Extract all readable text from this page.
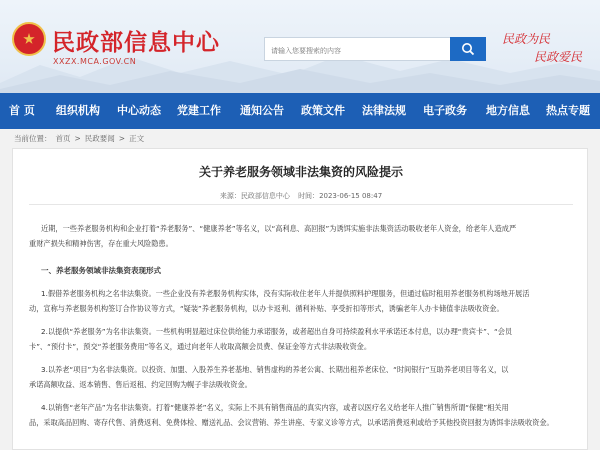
民政部信息中心
XXZX.MCA.GOV.CN
请输入您要搜索的内容
民政为民
民政爱民
首 页 组织机构 中心动态 党建工作 通知公告 政策文件 法律法规 电子政务 地方信息 热点专题
当前位置： 首页 > 民政要闻 > 正文
关于养老服务领域非法集资的风险提示
来源：民政部信息中心 时间：2023-06-15 08:47
近期，一些养老服务机构和企业打着“养老服务”、“健康养老”等名义，以“高利息、高回报”为诱饵实施非法集资活动吸收老年人资金，给老年人造成严
重财产损失和精神伤害，存在重大风险隐患。
一、养老服务领域非法集资表现形式
1.假借养老服务机构之名非法集资。一些企业没有养老服务机构实体，没有实际收住老年人并提供照料护理服务，但通过临时租用养老服务机构场地开展活
动，宣称与养老服务机构签订合作协议等方式，“疑装”养老服务机构，以办卡返利、循利补贴、享受折扣等形式，诱骗老年人办卡储值非法吸收资金。
2.以提供“养老服务”为名非法集资。一些机构明显超过床位供给能力承诺服务，或者超出自身可持续盈利水平承诺还本付息，以办理“贵宾卡”、“会员
卡”、“预付卡”，预交“养老服务费用”等名义，通过向老年人收取高额会员费、保证金等方式非法吸收资金。
3.以养老“项目”为名非法集资。以投资、加盟、入股养生养老基地、销售虚构的养老公寓、长期出租养老床位、“时间银行”互助养老项目等名义，以
承诺高额收益、返本销售、售后返租、约定回购为幌子非法吸收资金。
4.以销售“老年产品”为名非法集资。打着“健康养老”名义，实际上不具有销售商品的真实内容，或者以医疗名义给老年人推广销售所谓“保健”相关用
品，采取高品回购、寄存代售、消费返利、免费体检、赠送礼品、会议营销、养生讲座、专家义诊等方式，以承诺消费返利或给予其他投资回报为诱饵非法吸收资金。
